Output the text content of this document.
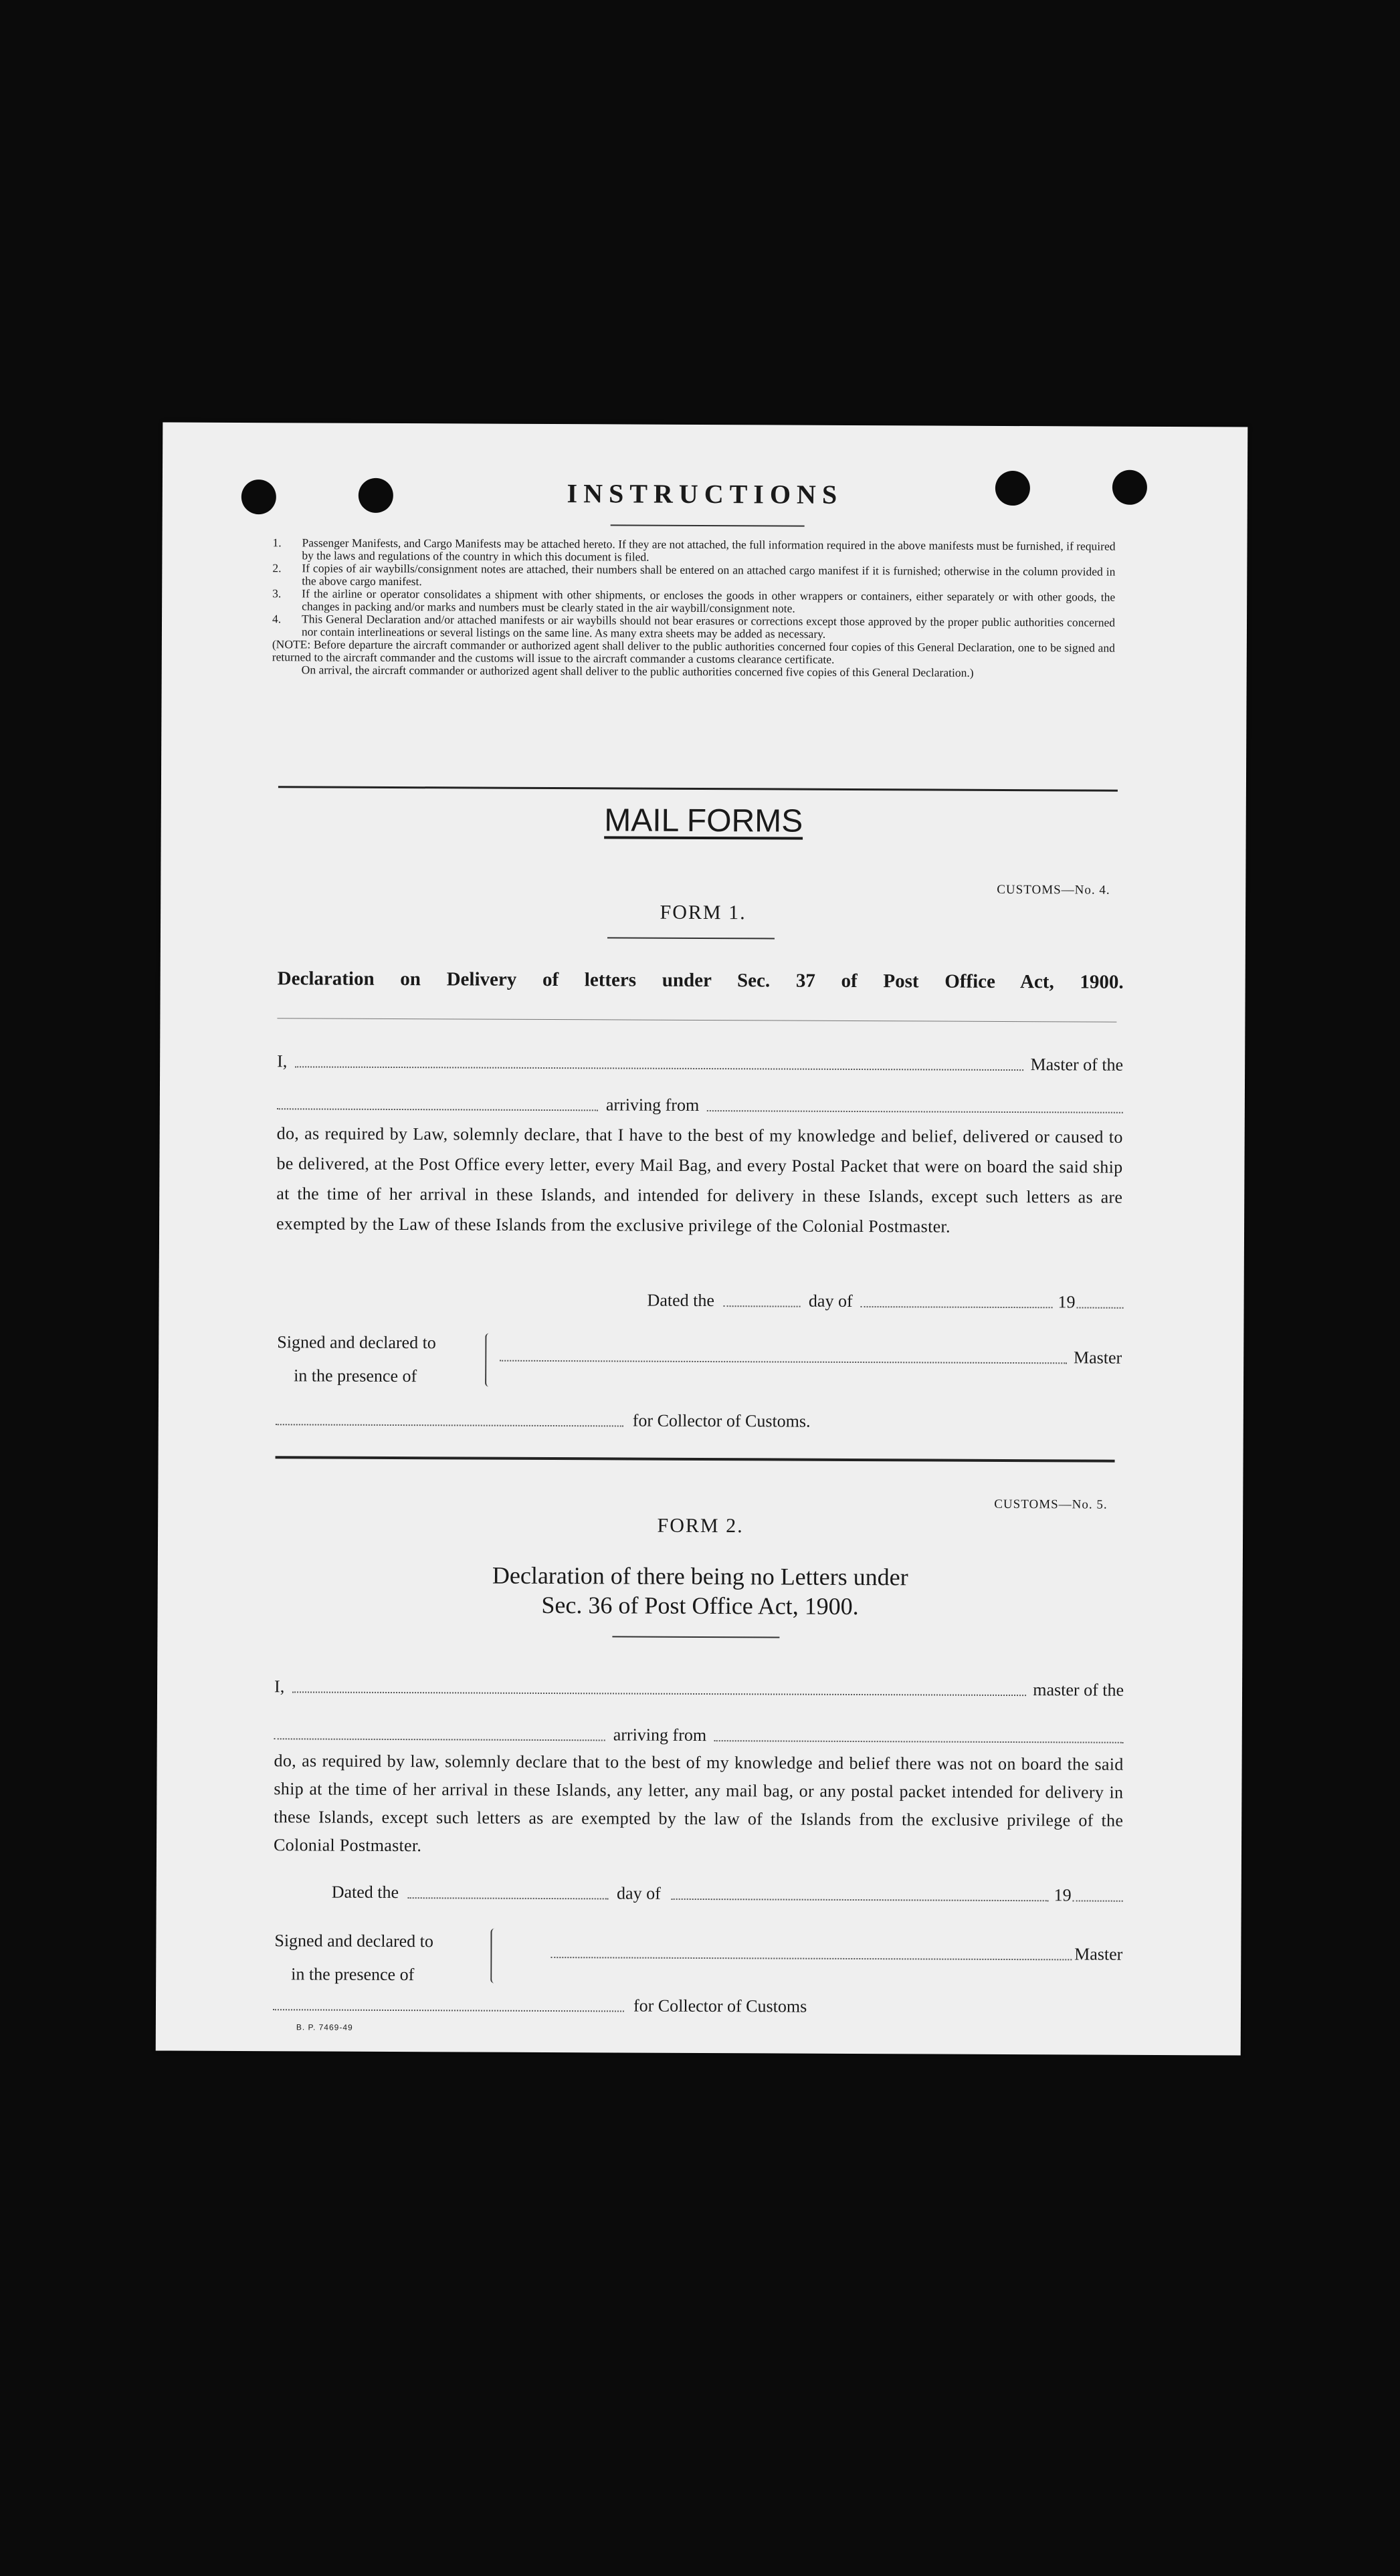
INSTRUCTIONS
1.	Passenger Manifests, and Cargo Manifests may be attached hereto. If they are not attached, the full information required in the above manifests must be furnished, if required by the laws and regulations of the country in which this document is filed.
2.	If copies of air waybills/consignment notes are attached, their numbers shall be entered on an attached cargo manifest if it is furnished; otherwise in the column provided in the above cargo manifest.
3.	If the airline or operator consolidates a shipment with other shipments, or encloses the goods in other wrappers or containers, either separately or with other goods, the changes in packing and/or marks and numbers must be clearly stated in the air waybill/consignment note.
4.	This General Declaration and/or attached manifests or air waybills should not bear erasures or corrections except those approved by the proper public authorities concerned nor contain interlineations or several listings on the same line. As many extra sheets may be added as necessary.
(NOTE: Before departure the aircraft commander or authorized agent shall deliver to the public authorities concerned four copies of this General Declaration, one to be signed and returned to the aircraft commander and the customs will issue to the aircraft commander a customs clearance certificate.
On arrival, the aircraft commander or authorized agent shall deliver to the public authorities concerned five copies of this General Declaration.)
MAIL FORMS
CUSTOMS—No. 4.
FORM 1.
Declaration on Delivery of letters under Sec. 37 of Post Office Act, 1900.
I,	Master of the
arriving from
do, as required by Law, solemnly declare, that I have to the best of my knowledge and belief, delivered or caused to be delivered, at the Post Office every letter, every Mail Bag, and every Postal Packet that were on board the said ship at the time of her arrival in these Islands, and intended for delivery in these Islands, except such letters as are exempted by the Law of these Islands from the exclusive privilege of the Colonial Postmaster.
Dated the	day of	19
Signed and declared to
in the presence of
Master
for Collector of Customs.
CUSTOMS—No. 5.
FORM 2.
Declaration of there being no Letters under
Sec. 36 of Post Office Act, 1900.
I,	master of the
arriving from
do, as required by law, solemnly declare that to the best of my knowledge and belief there was not on board the said ship at the time of her arrival in these Islands, any letter, any mail bag, or any postal packet intended for delivery in these Islands, except such letters as are exempted by the law of the Islands from the exclusive privilege of the Colonial Postmaster.
Dated the	day of	19
Signed and declared to
in the presence of
Master
for Collector of Customs
B. P. 7469-49
